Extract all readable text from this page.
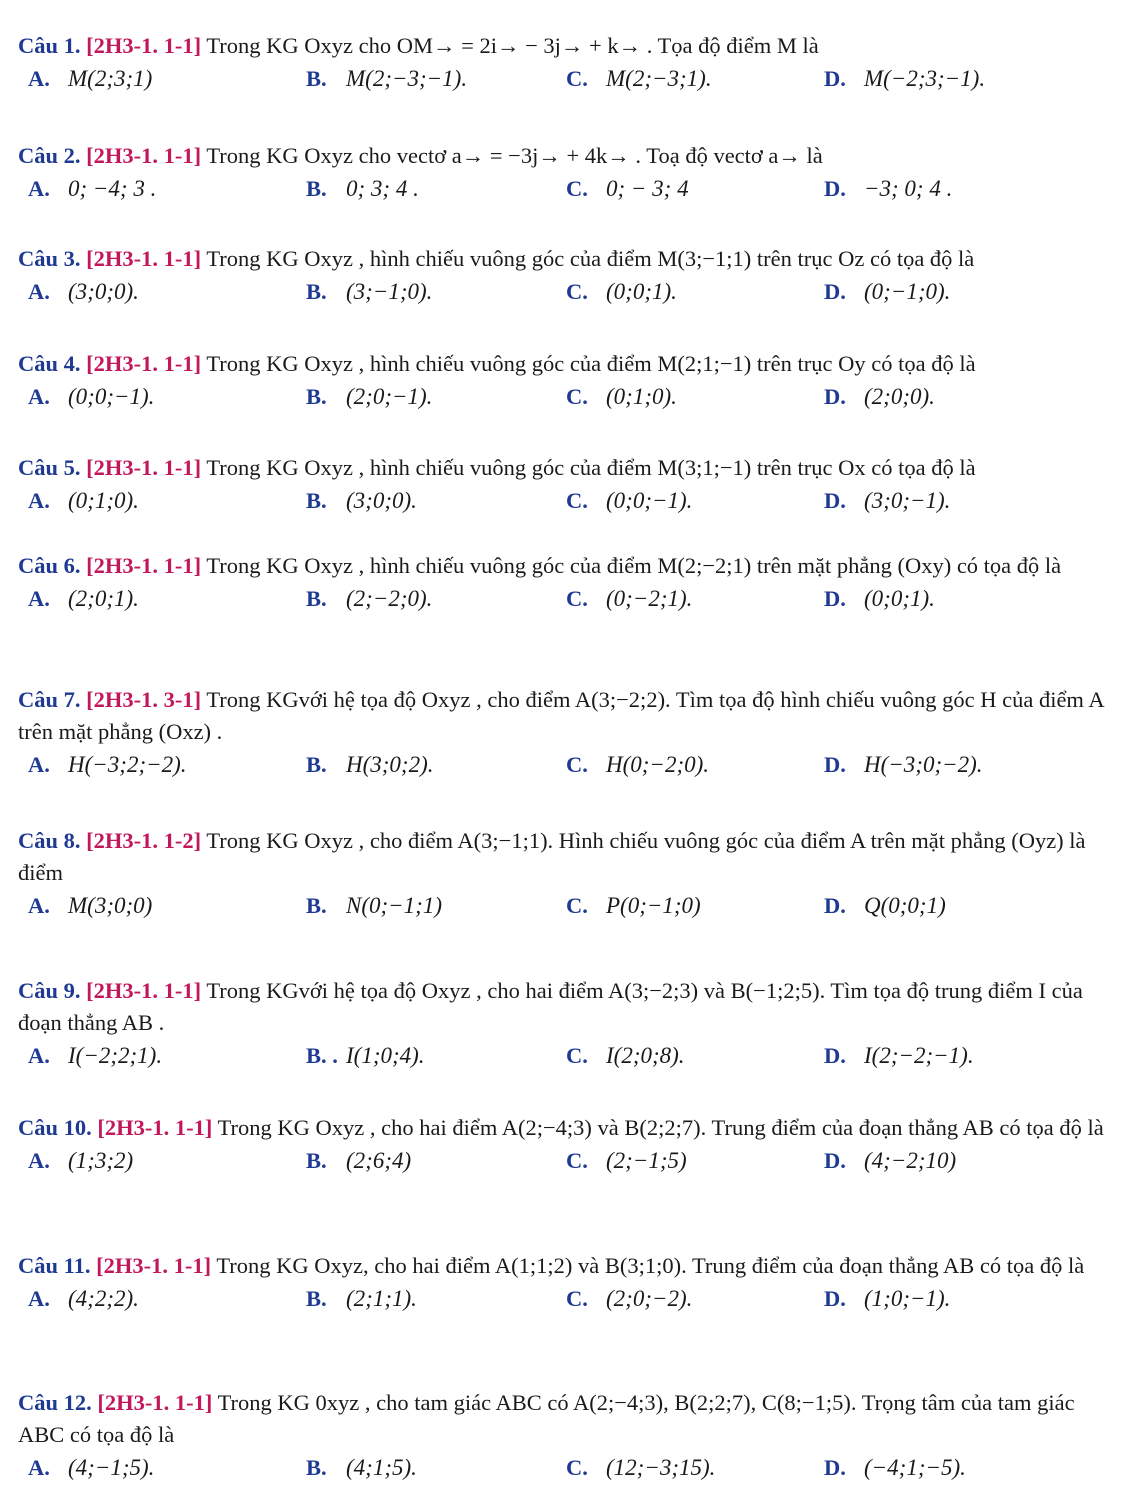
Câu 1. [2H3-1. 1-1] Trong KG Oxyz cho OM→ = 2i→ − 3j→ + k→ . Tọa độ điểm M là
A. M(2;3;1)	B. M(2;−3;−1).	C. M(2;−3;1).	D. M(−2;3;−1).
Câu 2. [2H3-1. 1-1] Trong KG Oxyz cho vectơ a→ = −3j→ + 4k→ . Toạ độ vectơ a→ là
A. 0; −4; 3 .	B. 0; 3; 4 .	C. 0; − 3; 4	D. −3; 0; 4 .
Câu 3. [2H3-1. 1-1] Trong KG Oxyz , hình chiếu vuông góc của điểm M(3;−1;1) trên trục Oz có tọa độ là
A. (3;0;0).	B. (3;−1;0).	C. (0;0;1).	D. (0;−1;0).
Câu 4. [2H3-1. 1-1] Trong KG Oxyz , hình chiếu vuông góc của điểm M(2;1;−1) trên trục Oy có tọa độ là
A. (0;0;−1).	B. (2;0;−1).	C. (0;1;0).	D. (2;0;0).
Câu 5. [2H3-1. 1-1] Trong KG Oxyz , hình chiếu vuông góc của điểm M(3;1;−1) trên trục Ox có tọa độ là
A. (0;1;0).	B. (3;0;0).	C. (0;0;−1).	D. (3;0;−1).
Câu 6. [2H3-1. 1-1] Trong KG Oxyz , hình chiếu vuông góc của điểm M(2;−2;1) trên mặt phẳng (Oxy) có tọa độ là
A. (2;0;1).	B. (2;−2;0).	C. (0;−2;1).	D. (0;0;1).
Câu 7. [2H3-1. 3-1] Trong KGvới hệ tọa độ Oxyz , cho điểm A(3;−2;2). Tìm tọa độ hình chiếu vuông góc H của điểm A trên mặt phẳng (Oxz) .
A. H(−3;2;−2).	B. H(3;0;2).	C. H(0;−2;0).	D. H(−3;0;−2).
Câu 8. [2H3-1. 1-2] Trong KG Oxyz , cho điểm A(3;−1;1). Hình chiếu vuông góc của điểm A trên mặt phẳng (Oyz) là điểm
A. M(3;0;0)	B. N(0;−1;1)	C. P(0;−1;0)	D. Q(0;0;1)
Câu 9. [2H3-1. 1-1] Trong KGvới hệ tọa độ Oxyz , cho hai điểm A(3;−2;3) và B(−1;2;5). Tìm tọa độ trung điểm I của đoạn thẳng AB .
A. I(−2;2;1).	B. . I(1;0;4).	C. I(2;0;8).	D. I(2;−2;−1).
Câu 10. [2H3-1. 1-1] Trong KG Oxyz , cho hai điểm A(2;−4;3) và B(2;2;7). Trung điểm của đoạn thẳng AB có tọa độ là
A. (1;3;2)	B. (2;6;4)	C. (2;−1;5)	D. (4;−2;10)
Câu 11. [2H3-1. 1-1] Trong KG Oxyz, cho hai điểm A(1;1;2) và B(3;1;0). Trung điểm của đoạn thẳng AB có tọa độ là
A. (4;2;2).	B. (2;1;1).	C. (2;0;−2).	D. (1;0;−1).
Câu 12. [2H3-1. 1-1] Trong KG 0xyz , cho tam giác ABC có A(2;−4;3), B(2;2;7), C(8;−1;5). Trọng tâm của tam giác ABC có tọa độ là
A. (4;−1;5).	B. (4;1;5).	C. (12;−3;15).	D. (−4;1;−5).
